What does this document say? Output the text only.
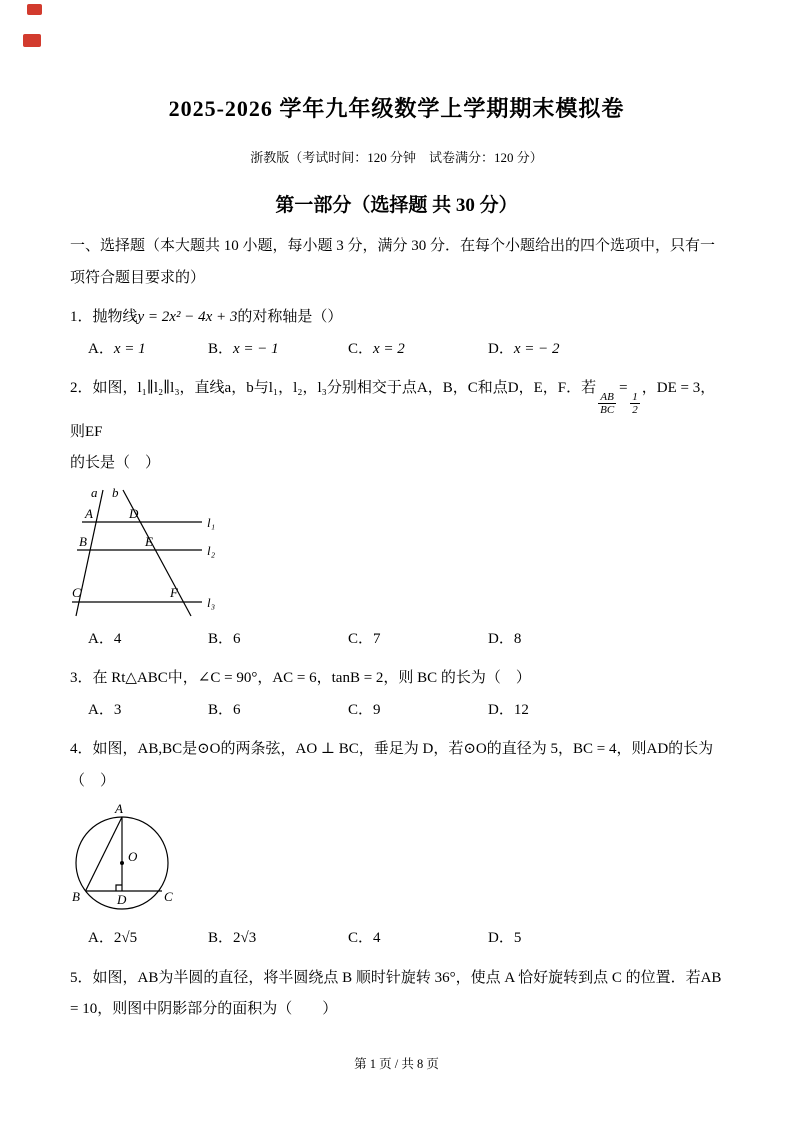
2025-2026 学年九年级数学上学期期末模拟卷
浙教版（考试时间：120 分钟　试卷满分：120 分）
第一部分（选择题 共 30 分）

一、选择题（本大题共 10 小题，每小题 3 分，满分 30 分．在每个小题给出的四个选项中，只有一项符合题目要求的）

1．抛物线y = 2x² − 4x + 3的对称轴是（）

A．x = 1	B．x = − 1	C．x = 2	D．x = − 2

2．如图，l₁∥l₂∥l₃，直线a，b与l₁，l₂，l₃分别相交于点A，B，C和点D，E，F．若
$\frac{AB}{BC}$
=
$\frac{1}{2}$
，DE = 3，则EF
的长是（　）

a b
l₁
l₂
l₃
A	D
B	E
C	F
A．4	B．6	C．7	D．8

3．在 Rt△ABC中，∠C = 90°，AC = 6，tanB = 2，则 BC 的长为（　）

A．3	B．6	C．9	D．12

4．如图，AB,BC是⊙O的两条弦，AO ⊥ BC，垂足为 D，若⊙O的直径为 5，BC = 4，则AD的长为（　）

A
O
B	D	C
A．2√5	B．2√3	C．4	D．5

5．如图，AB为半圆的直径，将半圆绕点 B 顺时针旋转 36°，使点 A 恰好旋转到点 C 的位置．若AB = 10，则图中阴影部分的面积为（　　）

第 1 页 / 共 8 页
